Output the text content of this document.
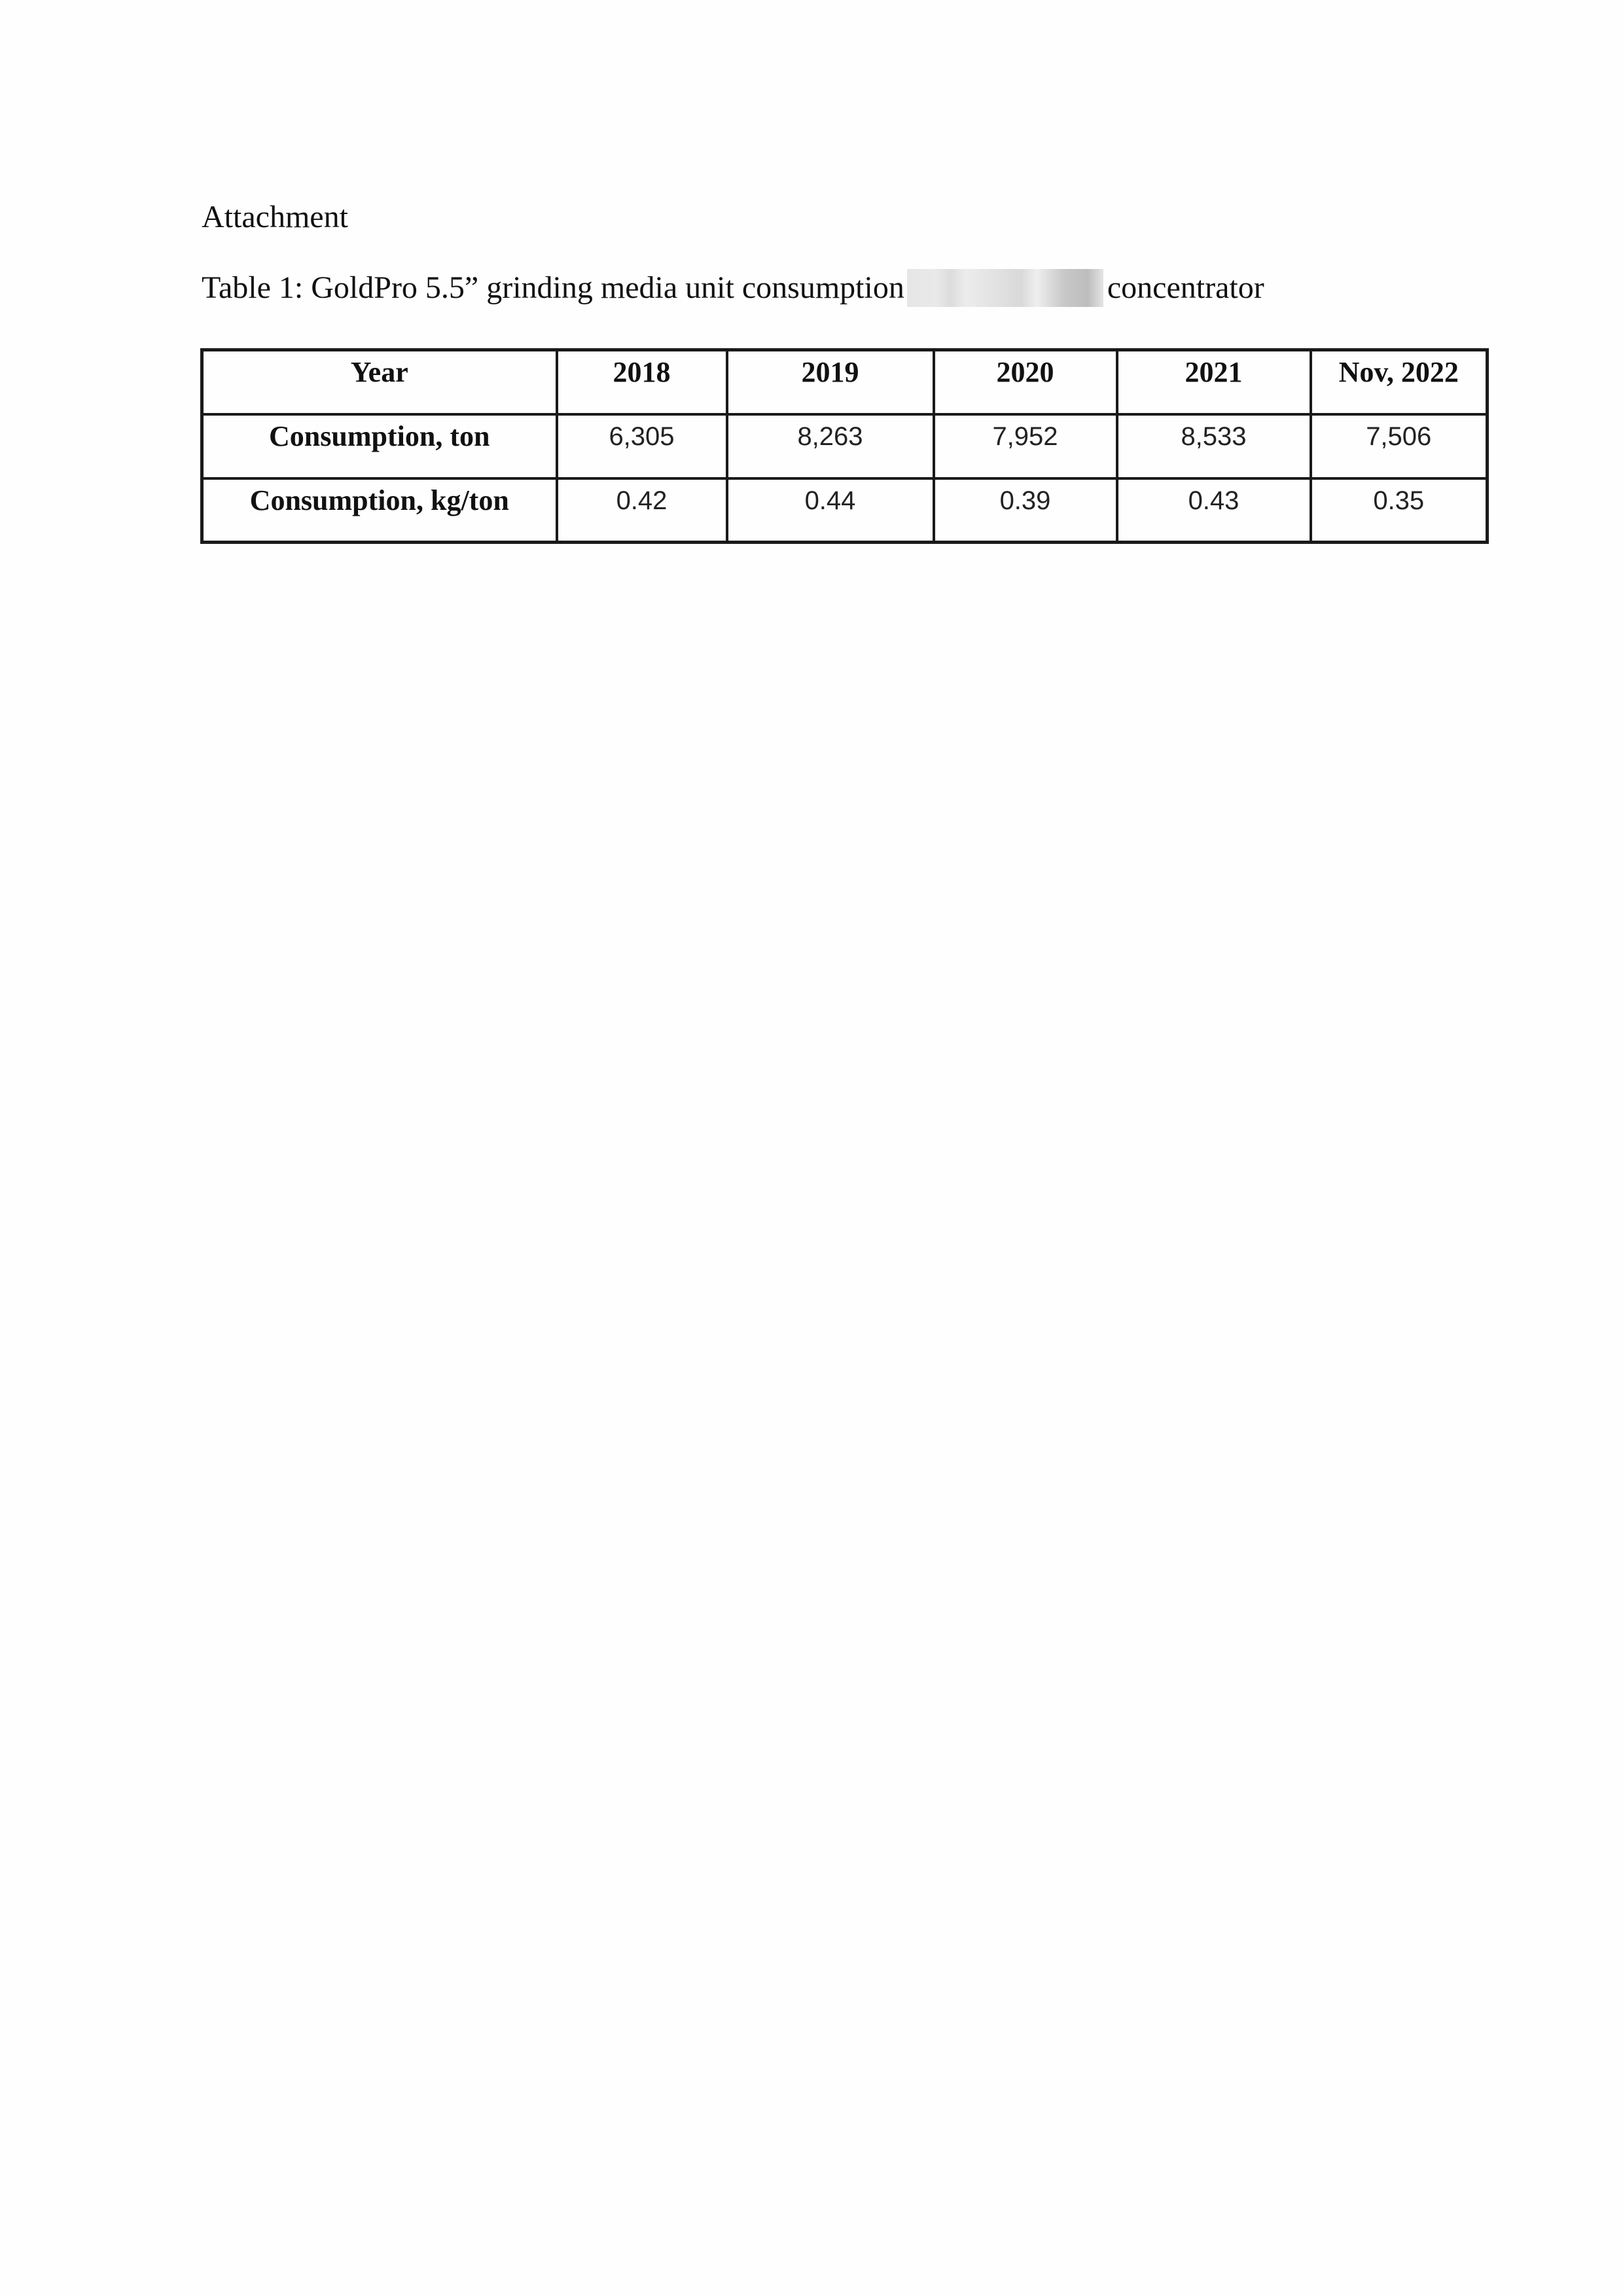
Attachment
Table 1: GoldPro 5.5” grinding media unit consumption	concentrator
Year	2018	2019	2020	2021	Nov, 2022
Consumption, ton	6,305	8,263	7,952	8,533	7,506
Consumption, kg/ton	0.42	0.44	0.39	0.43	0.35
